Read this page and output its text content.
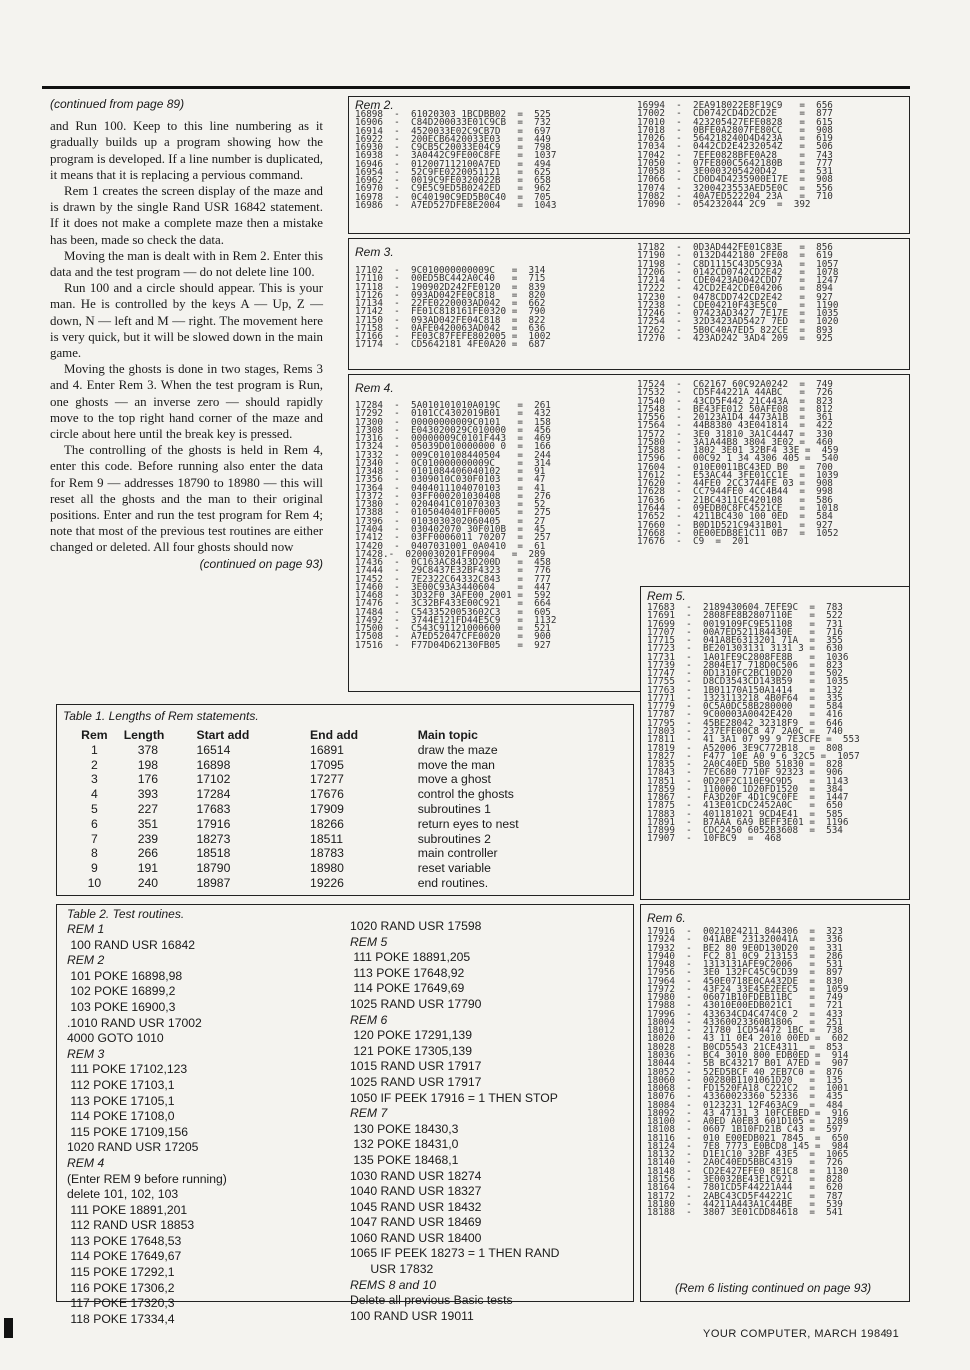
(continued from page 89)

and Run 100. Keep to this line numbering as it gradually builds up a program showing how the program is developed. If a line number is duplicated, it means that it is replacing a pervious command.

Rem 1 creates the screen display of the maze and is drawn by the single Rand USR 16842 statement. If it does not make a complete maze then a mistake has been, made so check the data.

Moving the man is dealt with in Rem 2. Enter this data and the test program — do not delete line 100.

Run 100 and a circle should appear. This is your man. He is controlled by the keys A — Up, Z — down, N — left and M — right. The movement here is very quick, but it will be slowed down in the main game.

Moving the ghosts is done in two stages, Rems 3 and 4. Enter Rem 3. When the test program is Run, one ghosts — an inverse zero — should rapidly move to the top right hand corner of the maze and circle about here until the break key is pressed.

The controlling of the ghosts is held in Rem 4, enter this code. Before running also enter the data for Rem 9 — addresses 18790 to 18980 — this will reset all the ghosts and the man to their original positions. Enter and run the test program for Rem 4; note that most of the previous test routines are either changed or deleted. All four ghosts should now

(continued on page 93)
Rem 2.
16898  -  61020303 1BCDBB02  =  525
16906  -  C84D200033E01C9CB  =  732
16914  -  4520033E02C9CB7D   =  697
16922  -  200ECB6420033E03   =  449
16930  -  C9CB5C20033E04C9   =  798
16938  -  3A0442C9FE00C8FE   =  1037
16946  -  012007112100A7ED   =  494
16954  -  52C9FE0220051121   =  625
16962  -  0019C9FE0320022B   =  658
16970  -  C9E5C9ED5B0242ED   =  962
16978  -  0C40190C9ED5B0C40  =  705
16986  -  A7ED527DFE8E2004   =  1043
16994  -  2EA918022E8F19C9   =  656
17002  -  CD0742CD4D2CD2E    =  877
17010  -  423205427EFE0828   =  615
17018  -  0BFE0A2807FE80CC   =  908
17026  -  564218240D4D423A   =  619
17034  -  0442CD2E4232054Z   =  506
17042  -  7EFE0828BFE0A28    =  743
17050  -  07FE800C5642180B   =  777
17058  -  3E0003205420D42    =  531
17066  -  CD0D4D4235900E17E  =  908
17074  -  3200423553AED5E0C  =  556
17082  -  40A7ED522204 23A   =  710
17090  -  054232044 2C9  =  392
Rem 3.
17102  -  9C010000000009C   =  314
17110  -  00ED5BC442A0C40   =  715
17118  -  190902D242FE0120  =  839
17126  -  093AD042FE0C818   =  820
17134  -  22FE0220003AD042  =  662
17142  -  FE01C818161FE0320 =  790
17150  -  093AD042FE04C818  =  822
17158  -  0AFE0420063AD042  =  636
17166  -  FE03C87FEFE802005 =  1002
17174  -  CD5642181 4FE0A20 =  687
17182  -  0D3AD442FE01C83E   =  856
17190  -  0132D442180 2FE08  =  619
17198  -  C8D1115C43D5C93A   =  1057
17206  -  0142CD0742CD2E42   =  1078
17214  -  CDE0423AD042CDD7   =  1247
17222  -  42CD2E42CDE04206   =  894
17230  -  0478CDD742CD2E42   =  927
17238  -  CDE04210F43E5C0    =  1190
17246  -  07423AD3427 7E17E  =  1035
17254  -  32D3423AD5427 7ED  =  1020
17262  -  5B0C40A7ED5 822CE  =  893
17270  -  423AD242 3AD4 209  =  925
Rem 4.
17284  -  5A010101010A019C   =  261
17292  -  0101CC4302019B01   =  432
17300  -  00000000009C0101   =  158
17308  -  E043020029C010000  =  456
17316  -  00000009C0101F443  =  469
17324  -  05039D010000000 0  =  166
17332  -  009C010108440504   =  244
17340  -  0C010000000009C    =  314
17348  -  0101084406040102   =  91
17356  -  0309010C030F0103   =  47
17364  -  0404011104070103   =  41
17372  -  03FF000201030408   =  276
17380  -  0204041C01070303   =  52
17388  -  0105040401FF0005   =  275
17396  -  0103030302060405   =  27
17404  -  030402070 30F010B  =  45
17412  -  03FF0006011 70207  =  257
17420  -  0407031001 0A0410  =  61
17428.-  0200030201FF0904   =  289
17436  -  0C163AC8433D200D   =  458
17444  -  29C8437E32BF4323   =  776
17452  -  7E2322C64332C843   =  777
17460  -  3E00C93A3440604    =  447
17468  -  3D32F0 3AFE00 2001 =  592
17476  -  3C32BF433E00C921   =  664
17484  -  C5433520053602C3   =  605
17492  -  3744E121FD44E5C9   =  1132
17500  -  C543C91121000600   =  521
17508  -  A7ED52047CFE0020   =  900
17516  -  F77D04D62130FB05   =  927
17524  -  C62167 60C92A0242  =  749
17532  -  CD5F44221A 44ABC   =  726
17540  -  43CD5F442 21C443A  =  823
17548  -  BE43FE012 50AFE08  =  812
17556  -  20123A1D4 4473A1B  =  361
17564  -  44B8380 43E041814  =  422
17572  -  3E0 31810 3A1C4447 =  330
17580  -  3A1A44B8 3804 3E02 =  460
17588  -  1802 3E01 32BF4 33E =  459
17596  -  00C92 1 34 4306 405 =  540
17604  -  010E0011BC43ED B0  =  700
17612  -  E53AC44 3FE01CC1E  =  1039
17620  -  44FE0 2CC3744FE 03 =  908
17628  -  CC7944FE0 4CC4B44  =  998
17636  -  21BC4311CE420108   =  586
17644  -  09EDB0C8FC4521CE   =  1018
17652  -  4211BC430 100 0ED  =  584
17660  -  B0D1D521C9431B01   =  927
17668  -  0E00EDB8E1C11 0B7  =  1052
17676  -  C9  =  201
Rem 5.
17683  -  2189430604 7EFE9C  =  783
17691  -  2808FE8B2807110E   =  522
17699  -  0019109FC9E51108   =  731
17707  -  00A7ED521184430E   =  716
17715  -  041A8E6313201 71A  =  355
17723  -  BE201303131 3131 3 =  630
17731  -  1A01FE9C2808FE8B   =  1036
17739  -  2804E17 718D0C506  =  823
17747  -  0D1310FC2BC10D20   =  502
17755  -  D8CD3543CD143B59   =  1035
17763  -  1B01170A150A1414   =  132
17771  -  1323113218 4B0F64  =  335
17779  -  0C5A0DC58B280000   =  584
17787  -  9C00003A0042E420   =  416
17795  -  45BE28042 32318F9  =  646
17803  -  237EFE00C8 47 2A0C =  740
17811  -  41 3A1 07 99 9 7E3CFE =  553
17819  -  A52006 3E9C772B18  =  808
17827  -  F477 10E A0 9 6 32C5 =  1057
17835  -  2A0C40ED 5B0 51830 =  828
17843  -  7EC680 7710F 92323 =  906
17851  -  0D20F2C110E9C9D5   =  1143
17859  -  110000 1D20FD1520  =  384
17867  -  FA3D20F 4D1C9C0FE  =  1447
17875  -  413E01CDC2452A0C   =  650
17883  -  401181021 9CD4E41  =  585
17891  -  B7AAA 6A9 BEFF3E01 =  1196
17899  -  CDC2450 6052B3608  =  534
17907  -  10FBC9  =  468
Rem 6.
17916  -  0021024211 844306  =  323
17924  -  041ABE 231320041A  =  336
17932  -  BE2 80 9E0D130D20  =  331
17940  -  FC2 81 0C9 213153  =  286
17948  -  1313131AFE9C2006   =  531
17956  -  3E0 132FC45C9CD39  =  897
17964  -  450E0718E0CA432DE  =  830
17972  -  43F24 33E45E2EEC5  =  1059
17980  -  06071B10FDEB11BC   =  749
17988  -  43010E00EDB021C1   =  721
17996  -  433634CD4C474C0 2  =  433
18004  -  43360023360B1806   =  251
18012  -  21780 1CD54472 1BC =  738
18020  -  43 11 0E4 2010 00ED =  602
18028  -  B0CD5543 21CE4311  =  853
18036  -  BC4 3010 800 EDB0ED =  914
18044  -  5B BC43217 B01 A7ED =  907
18052  -  52ED5BCF 40 2EB7C0 =  876
18060  -  00280B1101061D20   =  135
18068  -  FD1520FA18 C221C2  =  1001
18076  -  43360023360 52336  =  435
18084  -  0123231 12F463AC9  =  484
18092  -  43 47131 3 10FCEBED =  916
18100  -  A0ED A0EB3 601D105 =  1289
18108  -  0607 1B10FD21B C43 =  597
18116  -  010 E00EDB021 7845  =  650
18124  -  7E8 7773 E0BCD8 145 =  984
18132  -  D1E1C10 32BF 43E5  =  1065
18140  -  2A0C40ED5BBC4319   =  726
18148  -  CD2E427EFE0 8E1C8  =  1130
18156  -  3E0032BE43E1C921   =  828
18164  -  7801CD5F44221A44   =  620
18172  -  2ABC43CD5F44221C   =  787
18180  -  44211A443A1C44BE   =  539
18188  -  3807 3E01CDD84618  =  541
(Rem 6 listing continued on page 93)
Table 1. Lengths of Rem statements.
Rem	Length	Start add	End add	Main topic
1	378	16514	16891	draw the maze
2	198	16898	17095	move the man
3	176	17102	17277	move a ghost
4	393	17284	17676	control the ghosts
5	227	17683	17909	subroutines 1
6	351	17916	18266	return eyes to nest
7	239	18273	18511	subroutines 2
8	266	18518	18783	main controller
9	191	18790	18980	reset variable
10	240	18987	19226	end routines.
Table 2. Test routines.
REM 1
100 RAND USR 16842
REM 2
101 POKE 16898,98
102 POKE 16899,2
103 POKE 16900,3
.1010 RAND USR 17002
4000 GOTO 1010
REM 3
111 POKE 17102,123
112 POKE 17103,1
113 POKE 17105,1
114 POKE 17108,0
115 POKE 17109,156
1020 RAND USR 17205
REM 4
(Enter REM 9 before running)
delete 101, 102, 103
111 POKE 18891,201
112 RAND USR 18853
113 POKE 17648,53
114 POKE 17649,67
115 POKE 17292,1
116 POKE 17306,2
117 POKE 17320,3
118 POKE 17334,4
1020 RAND USR 17598
REM 5
111 POKE 18891,205
113 POKE 17648,92
114 POKE 17649,69
1025 RAND USR 17790
REM 6
120 POKE 17291,139
121 POKE 17305,139
1015 RAND USR 17917
1025 RAND USR 17917
1050 IF PEEK 17916 = 1 THEN STOP
REM 7
130 POKE 18430,3
132 POKE 18431,0
135 POKE 18468,1
1030 RAND USR 18274
1040 RAND USR 18327
1045 RAND USR 18432
1047 RAND USR 18469
1060 RAND USR 18400
1065 IF PEEK 18273 = 1 THEN RAND
USR 17832
REMS 8 and 10
Delete all previous Basic tests
100 RAND USR 19011
YOUR COMPUTER, MARCH 1984
91
